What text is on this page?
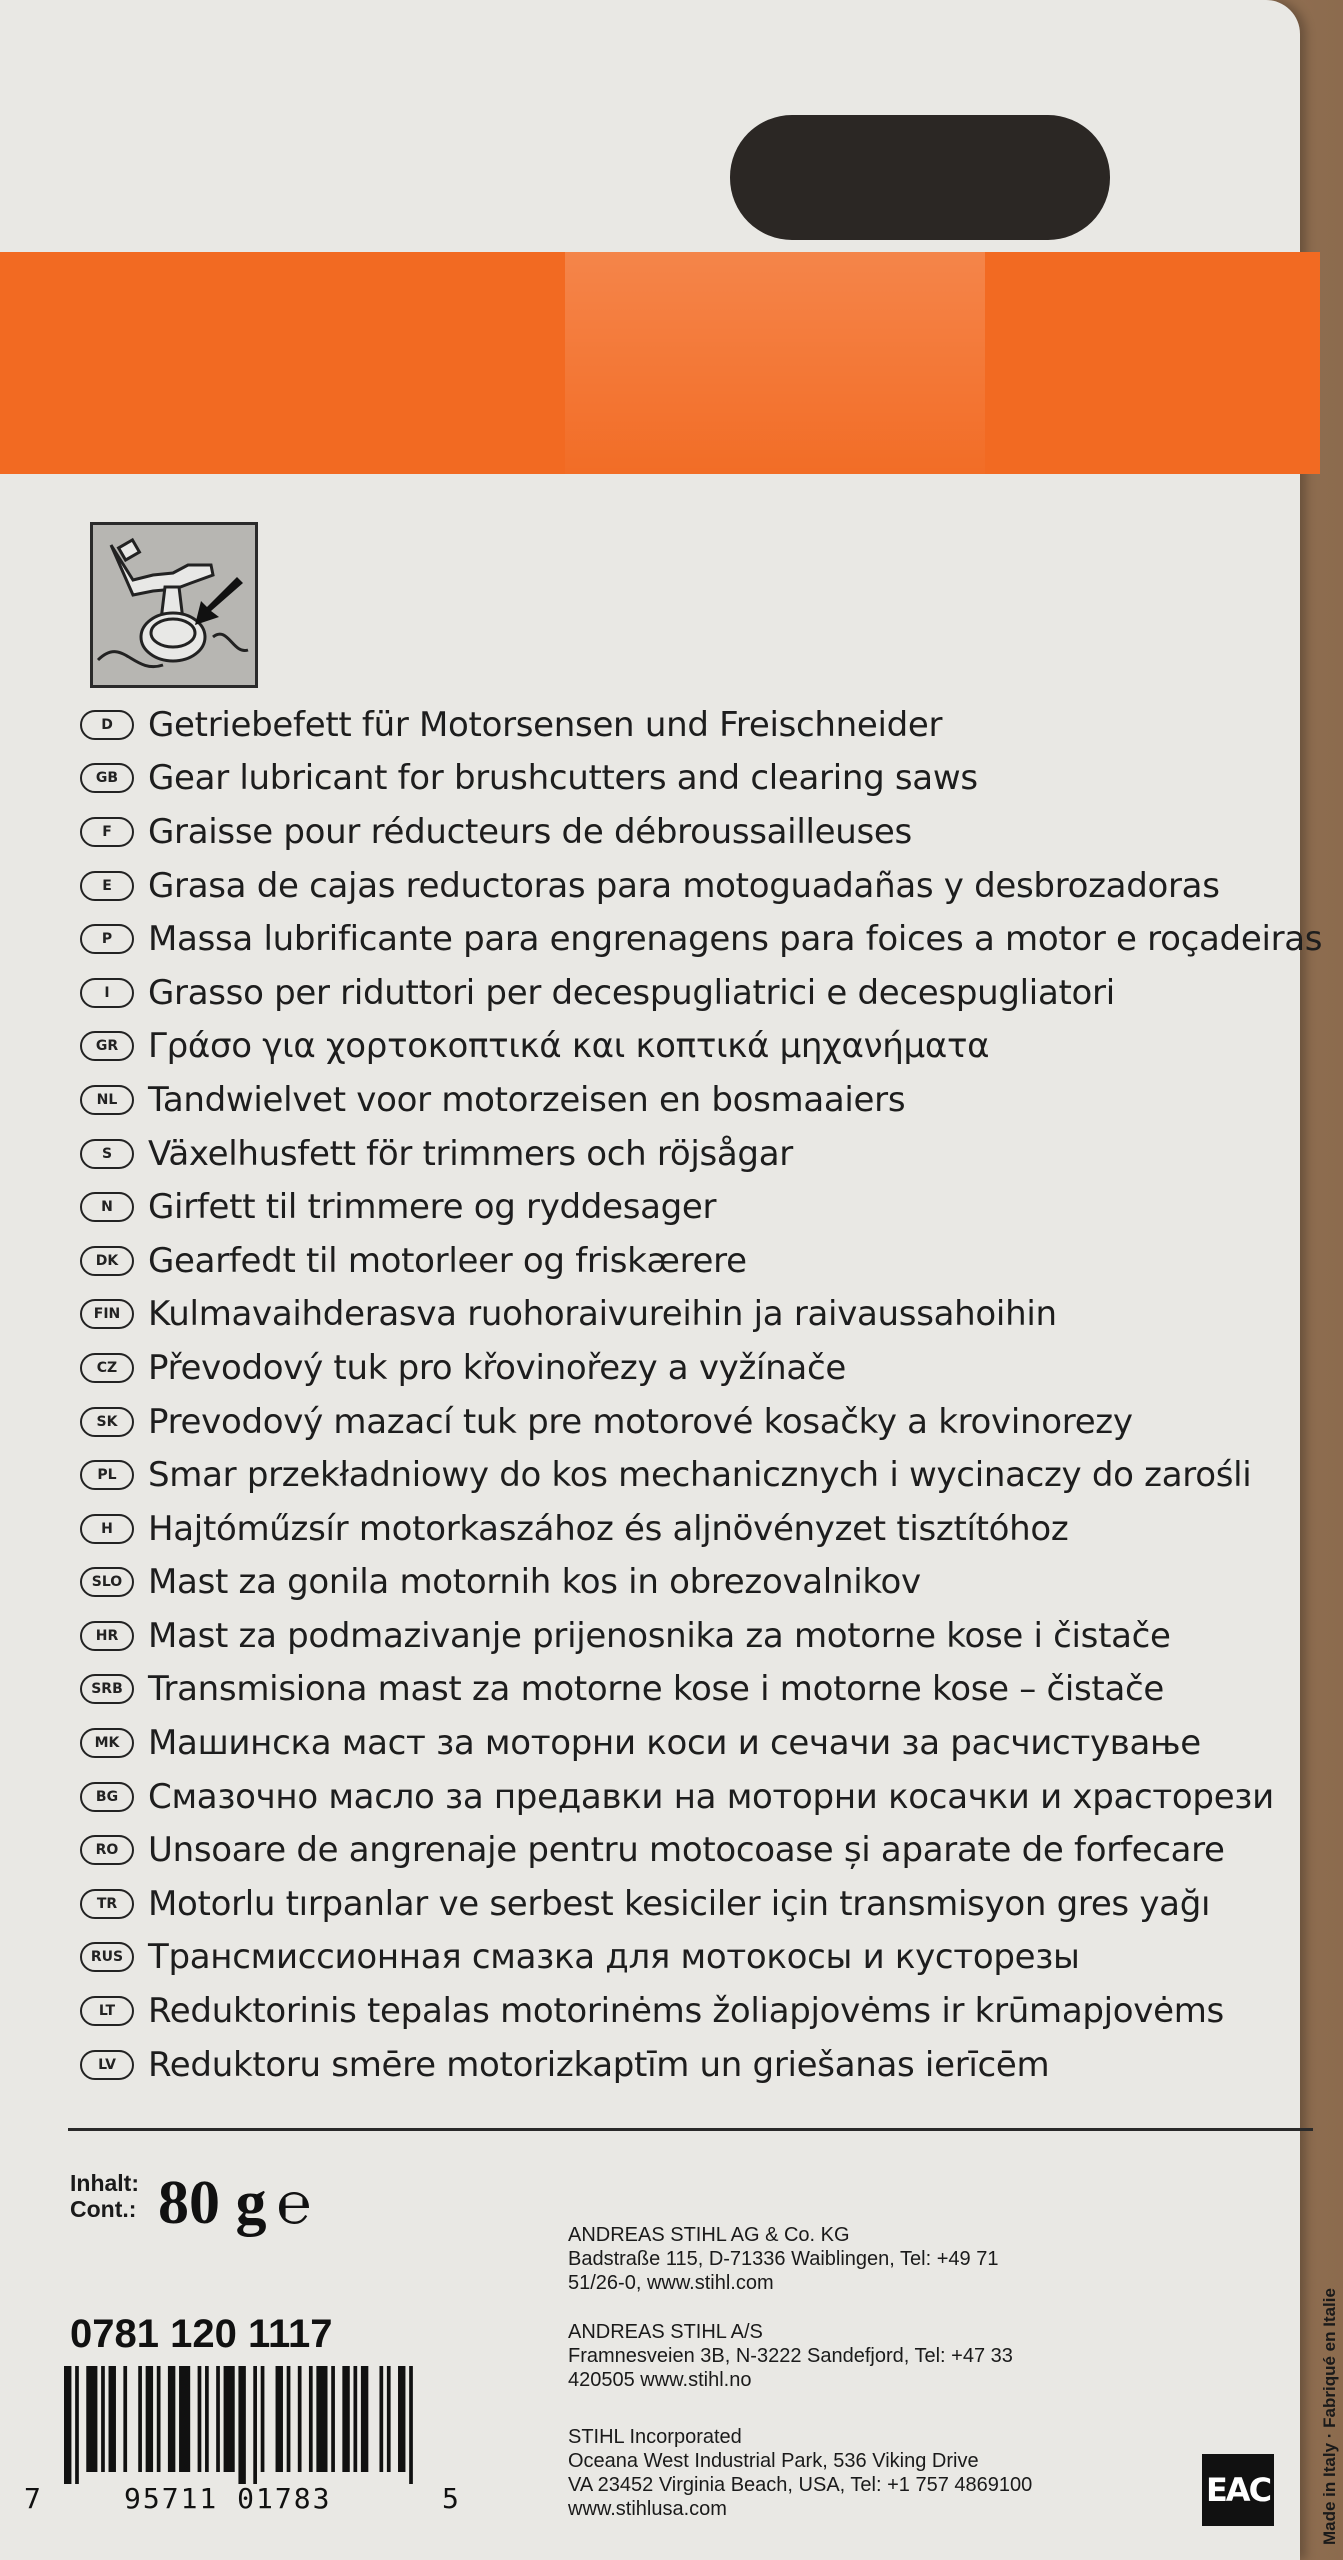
D	Getriebefett für Motorsensen und Freischneider
GB Gear lubricant for brushcutters and clearing saws
F	Graisse pour réducteurs de débroussailleuses
E	Grasa de cajas reductoras para motoguadañas y desbrozadoras
P	Massa lubrificante para engrenagens para foices a motor e roçadeiras
I	Grasso per riduttori per decespugliatrici e decespugliatori
GR Γράσο για χορτοκοπτικά και κοπτικά μηχανήματα
NL Tandwielvet voor motorzeisen en bosmaaiers
S	Växelhusfett för trimmers och röjsågar
N	Girfett til trimmere og ryddesager
DK Gearfedt til motorleer og friskærere
FIN Kulmavaihderasva ruohoraivureihin ja raivaussahoihin
CZ Převodový tuk pro křovinořezy a vyžínače
SK Prevodový mazací tuk pre motorové kosačky a krovinorezy
PL Smar przekładniowy do kos mechanicznych i wycinaczy do zarośli
H	Hajtóműzsír motorkaszához és aljnövényzet tisztítóhoz
SLO Mast za gonila motornih kos in obrezovalnikov
HR Mast za podmazivanje prijenosnika za motorne kose i čistače
SRB Transmisiona mast za motorne kose i motorne kose – čistače
MK Машинска маст за моторни коси и сечачи за расчистување
BG Смазочно масло за предавки на моторни косачки и храсторези
RO Unsoare de angrenaje pentru motocoase și aparate de forfecare
TR Motorlu tırpanlar ve serbest kesiciler için transmisyon gres yağı
RUS Трансмиссионная смазка для мотокосы и кусторезы
LT Reduktorinis tepalas motorinėms žoliapjovėms ir krūmapjovėms
LV Reduktoru smēre motorizkaptīm un griešanas ierīcēm
Inhalt:
Cont.: 80 g ℮
0781 120 1117
7	95711 01783	5
ANDREAS STIHL AG & Co. KG
Badstraße 115, D-71336 Waiblingen, Tel: +49 71
51/26-0, www.stihl.com
ANDREAS STIHL A/S
Framnesveien 3B, N-3222 Sandefjord, Tel: +47 33
420505 www.stihl.no
STIHL Incorporated
Oceana West Industrial Park, 536 Viking Drive
VA 23452 Virginia Beach, USA, Tel: +1 757 4869100
www.stihlusa.com	Made in Italy · Fabriqué en Italie
EAC
